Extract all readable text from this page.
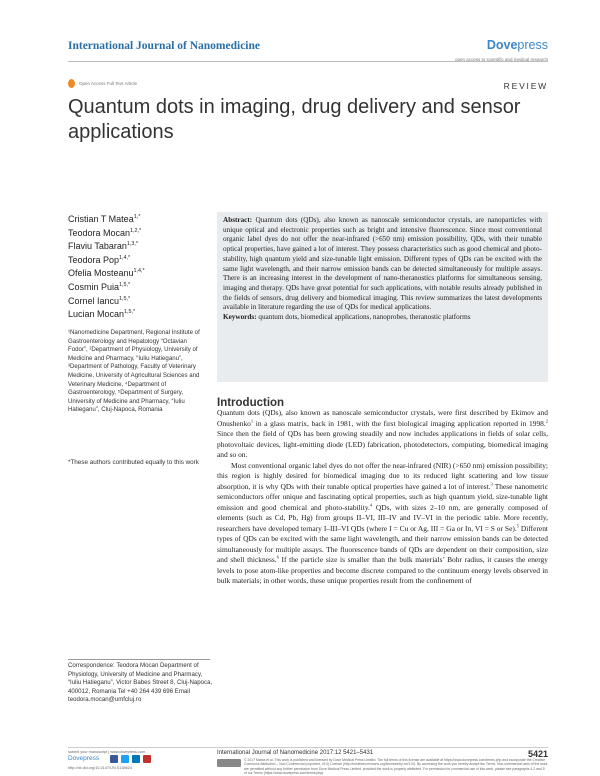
International Journal of Nanomedicine	Dovepress
open access to scientific and medical research
Open Access Full Text Article	REVIEW
Quantum dots in imaging, drug delivery and sensor applications
Cristian T Matea$^{1,*}$
Teodora Mocan$^{1,2,*}$
Flaviu Tabaran$^{1,3,*}$
Teodora Pop$^{1,4,*}$
Ofelia Mosteanu$^{1,4,*}$
Cosmin Puia$^{1,5,*}$
Cornel Iancu$^{1,5,*}$
Lucian Mocan$^{1,5,*}$
¹Nanomedicine Department, Regional Institute of Gastroenterology and Hepatology “Octavian Fodor”, ²Department of Physiology, University of Medicine and Pharmacy, “Iuliu Hatieganu”, ³Department of Pathology, Faculty of Veterinary Medicine, University of Agricultural Sciences and Veterinary Medicine, ⁴Department of Gastroenterology, ⁵Department of Surgery, University of Medicine and Pharmacy, “Iuliu Hatieganu”, Cluj-Napoca, Romania
*These authors contributed equally to this work
Correspondence: Teodora Mocan Department of Physiology, University of Medicine and Pharmacy, “Iuliu Hatieganu”, Victor Babes Street 8, Cluj-Napoca, 400012, Romania Tel +40 264 439 696 Email teodora.mocan@umfcluj.ro
Abstract: Quantum dots (QDs), also known as nanoscale semiconductor crystals, are nanoparticles with unique optical and electronic properties such as bright and intensive fluorescence. Since most conventional organic label dyes do not offer the near-infrared (>650 nm) emission possibility, QDs, with their tunable optical properties, have gained a lot of interest. They possess characteristics such as good chemical and photo-stability, high quantum yield and size-tunable light emission. Different types of QDs can be excited with the same light wavelength, and their narrow emission bands can be detected simultaneously for multiple assays. There is an increasing interest in the development of nano-theranostics platforms for simultaneous sensing, imaging and therapy. QDs have great potential for such applications, with notable results already published in the fields of sensors, drug delivery and biomedical imaging. This review summarizes the latest developments available in literature regarding the use of QDs for medical applications.
Keywords: quantum dots, biomedical applications, nanoprobes, theranostic platforms
Introduction

Quantum dots (QDs), also known as nanoscale semiconductor crystals, were first described by Ekimov and Onushenko$^1$ in a glass matrix, back in 1981, with the first biological imaging application reported in 1998.$^2$ Since then the field of QDs has been growing steadily and now includes applications in fields of solar cells, photovoltaic devices, light-emitting diode (LED) fabrication, photodetectors, computing, biomedical imaging and so on.

Most conventional organic label dyes do not offer the near-infrared (NIR) (>650 nm) emission possibility; this region is highly desired for biomedical imaging due to its reduced light scattering and low tissue absorption, it is why QDs with their tunable optical properties have gained a lot of interest.$^3$ These nanometric semiconductors offer unique and fascinating optical properties, such as high quantum yield, size-tunable light emission and good chemical and photo-stability.$^4$ QDs, with sizes 2–10 nm, are generally composed of elements (such as Cd, Pb, Hg) from groups II–VI, III–IV and IV–VI in the periodic table. More recently, researchers have developed ternary I–III–VI QDs (where I = Cu or Ag, III = Ga or In, VI = S or Se).$^5$ Different types of QDs can be excited with the same light wavelength, and their narrow emission bands can be detected simultaneously for multiple assays. The fluorescence bands of QDs are dependent on their composition, size and shell thickness.$^6$ If the particle size is smaller than the bulk materials’ Bohr radius, it causes the energy levels to pose atom-like properties and become discrete compared to the continuum energy levels observed in bulk materials; in other words, these unique properties result from the confinement of

submit your manuscript | www.dovepress.com
Dovepress
http://dx.doi.org/10.2147/IJN.S138624
International Journal of Nanomedicine 2017:12 5421–5431	5421
© 2017 Matea et al. This work is published and licensed by Dove Medical Press Limited. The full terms of this license are available at https://www.dovepress.com/terms.php and incorporate the Creative Commons Attribution – Non Commercial (unported, v3.0) License (http://creativecommons.org/licenses/by-nc/3.0/). By accessing the work you hereby accept the Terms. Non-commercial uses of the work are permitted without any further permission from Dove Medical Press Limited, provided the work is properly attributed. For permission for commercial use of this work, please see paragraphs 4.2 and 5 of our Terms (https://www.dovepress.com/terms.php).
